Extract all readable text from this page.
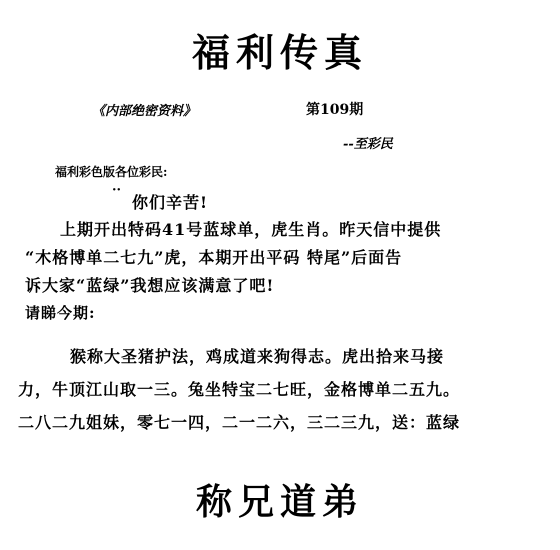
福利传真
《内部绝密资料》	第109期
--至彩民
福利彩色版各位彩民:
··
你们辛苦!
上期开出特码41号蓝球单，虎生肖。昨天信中提供
“木格博单二七九”虎，本期开出平码 特尾”后面告
诉大家“蓝绿”我想应该满意了吧!
请睇今期:
猴称大圣猪护法，鸡成道来狗得志。虎出拾来马接
力，牛顶江山取一三。兔坐特宝二七旺，金格博单二五九。
二八二九姐妹，零七一四，二一二六，三二三九，送：蓝绿
称兄道弟
